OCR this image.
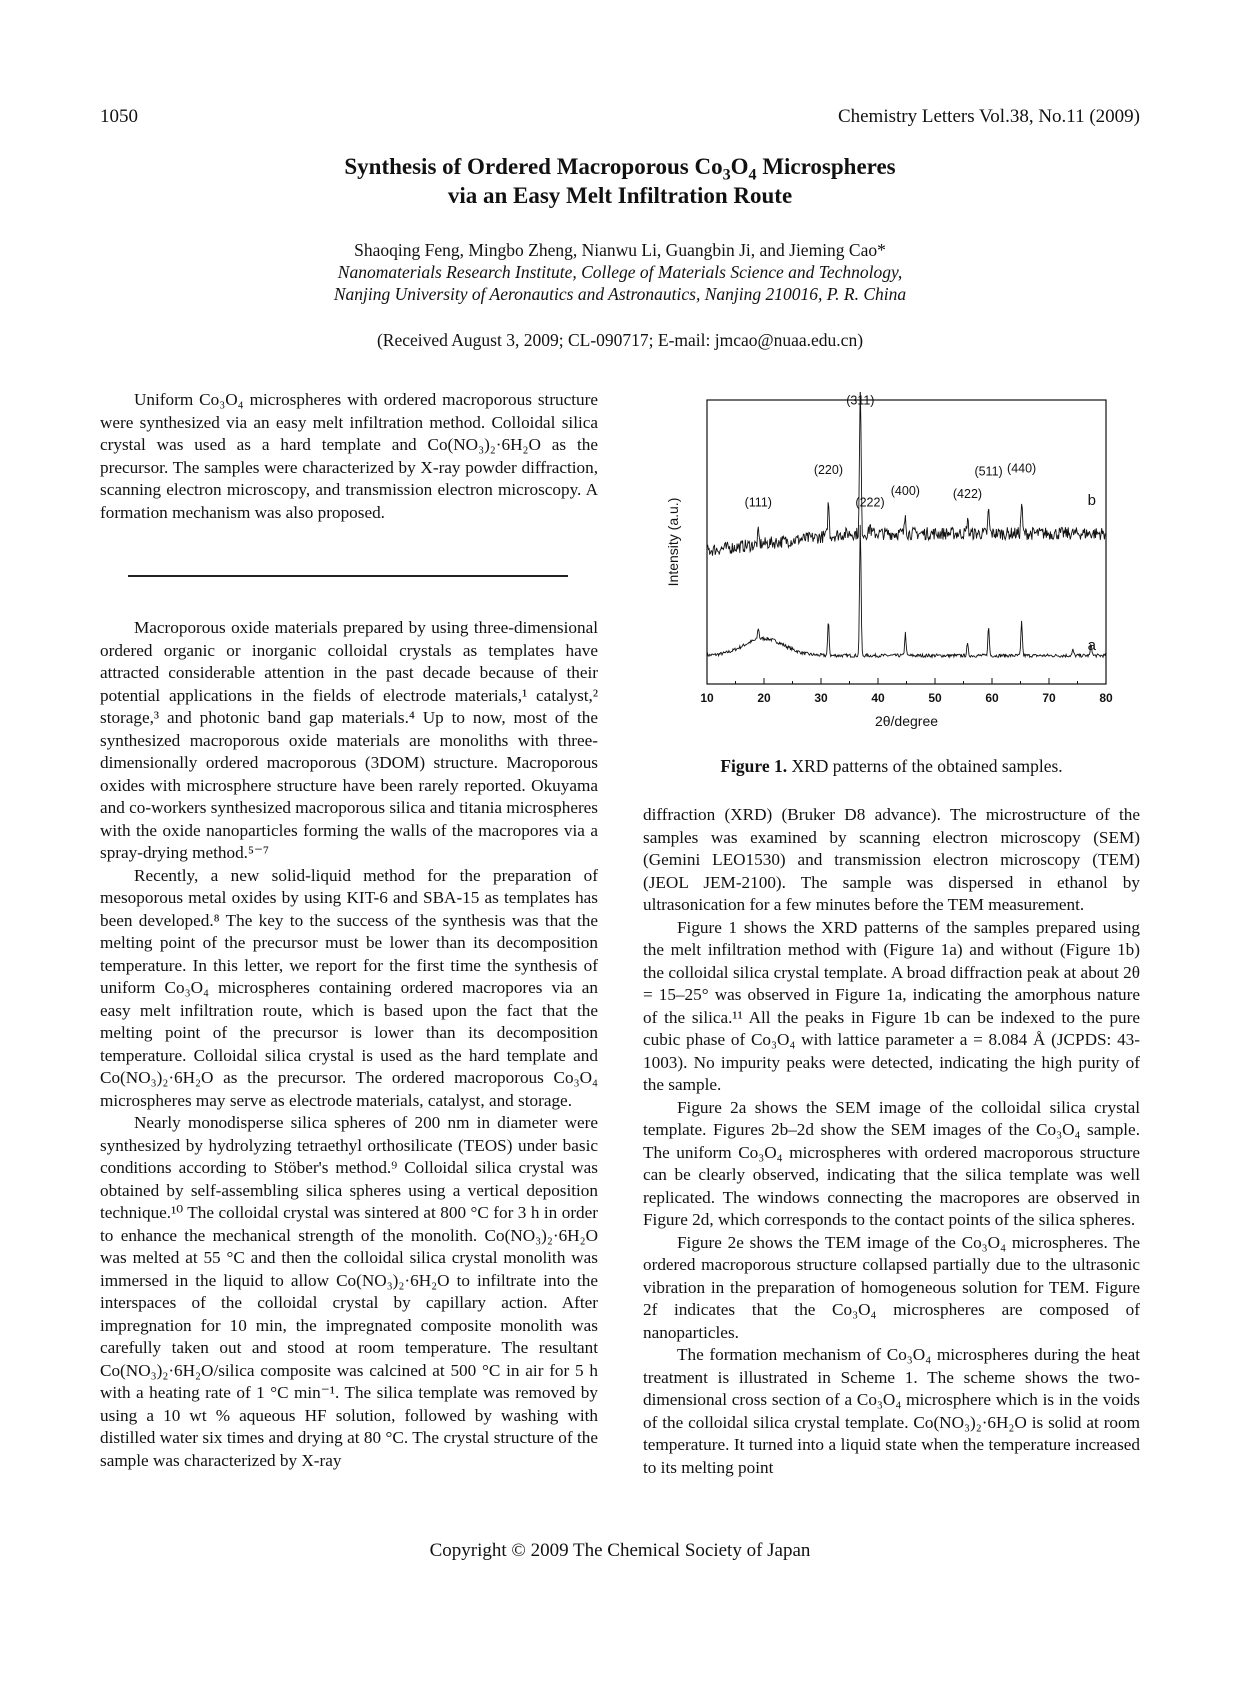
1050	Chemistry Letters Vol.38, No.11 (2009)
Synthesis of Ordered Macroporous $Co_3O_4$ Microspheres
via an Easy Melt Infiltration Route
Shaoqing Feng, Mingbo Zheng, Nianwu Li, Guangbin Ji, and Jieming Cao*
Nanomaterials Research Institute, College of Materials Science and Technology,
Nanjing University of Aeronautics and Astronautics, Nanjing 210016, P. R. China
(Received August 3, 2009; CL-090717; E-mail: jmcao@nuaa.edu.cn)

Uniform Co₃O₄ microspheres with ordered macroporous structure were synthesized via an easy melt infiltration method. Colloidal silica crystal was used as a hard template and Co(NO₃)₂·6H₂O as the precursor. The samples were characterized by X-ray powder diffraction, scanning electron microscopy, and transmission electron microscopy. A formation mechanism was also proposed.

Macroporous oxide materials prepared by using three-dimensional ordered organic or inorganic colloidal crystals as templates have attracted considerable attention in the past decade because of their potential applications in the fields of electrode materials,¹ catalyst,² storage,³ and photonic band gap materials.⁴ Up to now, most of the synthesized macroporous oxide materials are monoliths with three-dimensionally ordered macroporous (3DOM) structure. Macroporous oxides with microsphere structure have been rarely reported. Okuyama and co-workers synthesized macroporous silica and titania microspheres with the oxide nanoparticles forming the walls of the macropores via a spray-drying method.⁵⁻⁷

Recently, a new solid-liquid method for the preparation of mesoporous metal oxides by using KIT-6 and SBA-15 as templates has been developed.⁸ The key to the success of the synthesis was that the melting point of the precursor must be lower than its decomposition temperature. In this letter, we report for the first time the synthesis of uniform Co₃O₄ microspheres containing ordered macropores via an easy melt infiltration route, which is based upon the fact that the melting point of the precursor is lower than its decomposition temperature. Colloidal silica crystal is used as the hard template and Co(NO₃)₂·6H₂O as the precursor. The ordered macroporous Co₃O₄ microspheres may serve as electrode materials, catalyst, and storage.

Nearly monodisperse silica spheres of 200 nm in diameter were synthesized by hydrolyzing tetraethyl orthosilicate (TEOS) under basic conditions according to Stöber's method.⁹ Colloidal silica crystal was obtained by self-assembling silica spheres using a vertical deposition technique.¹⁰ The colloidal crystal was sintered at 800 °C for 3 h in order to enhance the mechanical strength of the monolith. Co(NO₃)₂·6H₂O was melted at 55 °C and then the colloidal silica crystal monolith was immersed in the liquid to allow Co(NO₃)₂·6H₂O to infiltrate into the interspaces of the colloidal crystal by capillary action. After impregnation for 10 min, the impregnated composite monolith was carefully taken out and stood at room temperature. The resultant Co(NO₃)₂·6H₂O/silica composite was calcined at 500 °C in air for 5 h with a heating rate of 1 °C min⁻¹. The silica template was removed by using a 10 wt % aqueous HF solution, followed by washing with distilled water six times and drying at 80 °C. The crystal structure of the sample was characterized by X-ray

10	20	30	40	50	60	70	80
2θ/degree
Intensity (a.u.)	(111)
(220)
(311)
(222)
(400)	(422)
(511) (440)
a
b
Figure 1. XRD patterns of the obtained samples.

diffraction (XRD) (Bruker D8 advance). The microstructure of the samples was examined by scanning electron microscopy (SEM) (Gemini LEO1530) and transmission electron microscopy (TEM) (JEOL JEM-2100). The sample was dispersed in ethanol by ultrasonication for a few minutes before the TEM measurement.

Figure 1 shows the XRD patterns of the samples prepared using the melt infiltration method with (Figure 1a) and without (Figure 1b) the colloidal silica crystal template. A broad diffraction peak at about 2θ = 15–25° was observed in Figure 1a, indicating the amorphous nature of the silica.¹¹ All the peaks in Figure 1b can be indexed to the pure cubic phase of Co₃O₄ with lattice parameter a = 8.084 Å (JCPDS: 43-1003). No impurity peaks were detected, indicating the high purity of the sample.

Figure 2a shows the SEM image of the colloidal silica crystal template. Figures 2b–2d show the SEM images of the Co₃O₄ sample. The uniform Co₃O₄ microspheres with ordered macroporous structure can be clearly observed, indicating that the silica template was well replicated. The windows connecting the macropores are observed in Figure 2d, which corresponds to the contact points of the silica spheres.

Figure 2e shows the TEM image of the Co₃O₄ microspheres. The ordered macroporous structure collapsed partially due to the ultrasonic vibration in the preparation of homogeneous solution for TEM. Figure 2f indicates that the Co₃O₄ microspheres are composed of nanoparticles.

The formation mechanism of Co₃O₄ microspheres during the heat treatment is illustrated in Scheme 1. The scheme shows the two-dimensional cross section of a Co₃O₄ microsphere which is in the voids of the colloidal silica crystal template. Co(NO₃)₂·6H₂O is solid at room temperature. It turned into a liquid state when the temperature increased to its melting point

Copyright © 2009 The Chemical Society of Japan
